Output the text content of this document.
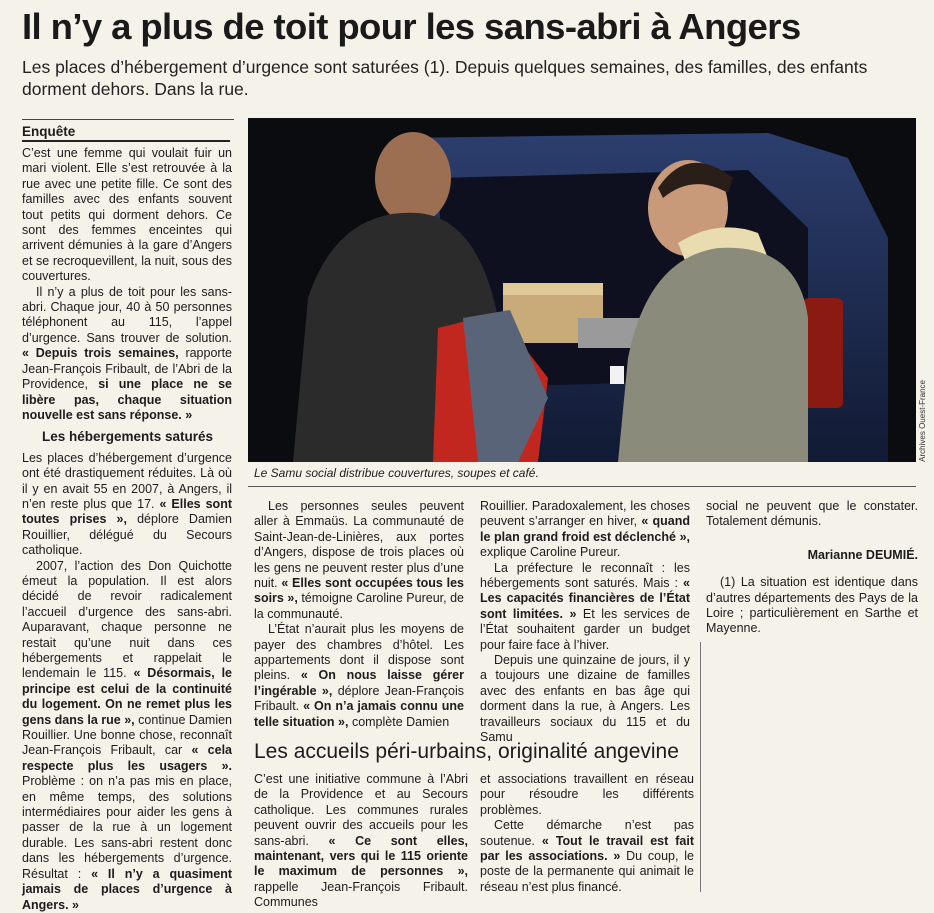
Il n’y a plus de toit pour les sans-abri à Angers

Les places d’hébergement d’urgence sont saturées (1). Depuis quelques semaines, des familles, des enfants dorment dehors. Dans la rue.

Enquête

C’est une femme qui voulait fuir un mari violent. Elle s’est retrouvée à la rue avec une petite fille. Ce sont des familles avec des enfants souvent tout petits qui dorment dehors. Ce sont des femmes enceintes qui arrivent démunies à la gare d’Angers et se recroquevillent, la nuit, sous des couvertures.

Il n’y a plus de toit pour les sans-abri. Chaque jour, 40 à 50 personnes téléphonent au 115, l’appel d’urgence. Sans trouver de solution. « Depuis trois semaines, rapporte Jean-François Fribault, de l’Abri de la Providence, si une place ne se libère pas, chaque situation nouvelle est sans réponse. »

Les hébergements saturés

Les places d’hébergement d’urgence ont été drastiquement réduites. Là où il y en avait 55 en 2007, à Angers, il n’en reste plus que 17. « Elles sont toutes prises », déplore Damien Rouillier, délégué du Secours catholique.

2007, l’action des Don Quichotte émeut la population. Il est alors décidé de revoir radicalement l’accueil d’urgence des sans-abri. Auparavant, chaque personne ne restait qu’une nuit dans ces hébergements et rappelait le lendemain le 115. « Désormais, le principe est celui de la continuité du logement. On ne remet plus les gens dans la rue », continue Damien Rouillier. Une bonne chose, reconnaît Jean-François Fribault, car « cela respecte plus les usagers ». Problème : on n’a pas mis en place, en même temps, des solutions intermédiaires pour aider les gens à passer de la rue à un logement durable. Les sans-abri restent donc dans les hébergements d’urgence. Résultat : « Il n’y a quasiment jamais de places d’urgence à Angers. »

Archives Ouest-France
Le Samu social distribue couvertures, soupes et café.

Les personnes seules peuvent aller à Emmaüs. La communauté de Saint-Jean-de-Linières, aux portes d’Angers, dispose de trois places où les gens ne peuvent rester plus d’une nuit. « Elles sont occupées tous les soirs », témoigne Caroline Pureur, de la communauté.

L’État n’aurait plus les moyens de payer des chambres d’hôtel. Les appartements dont il dispose sont pleins. « On nous laisse gérer l’ingérable », déplore Jean-François Fribault. « On n’a jamais connu une telle situation », complète Damien

Rouillier. Paradoxalement, les choses peuvent s’arranger en hiver, « quand le plan grand froid est déclenché », explique Caroline Pureur.

La préfecture le reconnaît : les hébergements sont saturés. Mais : « Les capacités financières de l’État sont limitées. » Et les services de l’État souhaitent garder un budget pour faire face à l’hiver.

Depuis une quinzaine de jours, il y a toujours une dizaine de familles avec des enfants en bas âge qui dorment dans la rue, à Angers. Les travailleurs sociaux du 115 et du Samu

social ne peuvent que le constater. Totalement démunis.

Marianne DEUMIÉ.

(1) La situation est identique dans d’autres départements des Pays de la Loire ; particulièrement en Sarthe et Mayenne.

Les accueils péri-urbains, originalité angevine

C’est une initiative commune à l’Abri de la Providence et au Secours catholique. Les communes rurales peuvent ouvrir des accueils pour les sans-abri. « Ce sont elles, maintenant, vers qui le 115 oriente le maximum de personnes », rappelle Jean-François Fribault. Communes

et associations travaillent en réseau pour résoudre les différents problèmes.

Cette démarche n’est pas soutenue. « Tout le travail est fait par les associations. » Du coup, le poste de la permanente qui animait le réseau n’est plus financé.
